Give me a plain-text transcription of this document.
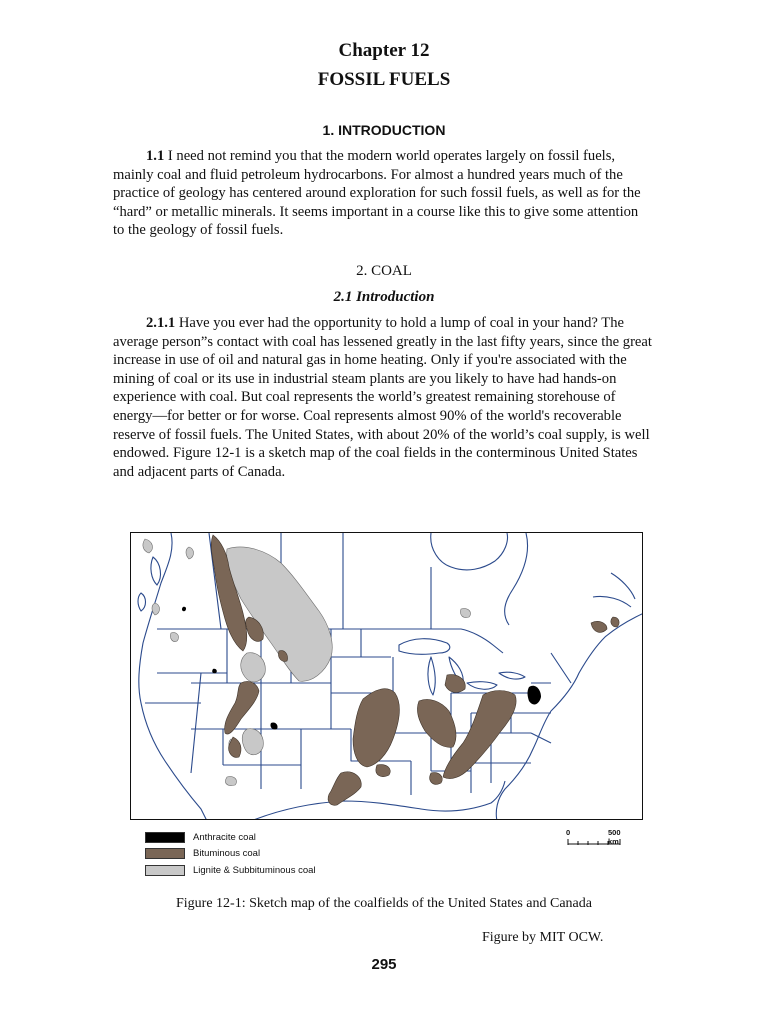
Chapter 12
FOSSIL FUELS
1. INTRODUCTION

1.1 I need not remind you that the modern world operates largely on fossil fuels, mainly coal and fluid petroleum hydrocarbons. For almost a hundred years much of the practice of geology has centered around exploration for such fossil fuels, as well as for the “hard” or metallic minerals. It seems important in a course like this to give some attention to the geology of fossil fuels.

2. COAL
2.1 Introduction

2.1.1 Have you ever had the opportunity to hold a lump of coal in your hand? The average person”s contact with coal has lessened greatly in the last fifty years, since the great increase in use of oil and natural gas in home heating. Only if you're associated with the mining of coal or its use in industrial steam plants are you likely to have had hands-on experience with coal. But coal represents the world’s greatest remaining storehouse of energy—for better or for worse. Coal represents almost 90% of the world's recoverable reserve of fossil fuels. The United States, with about 20% of the world’s coal supply, is well endowed. Figure 12-1 is a sketch map of the coal fields in the conterminous United States and adjacent parts of Canada.

Anthracite coal
Bituminous coal
Lignite & Subbituminous coal
0	500 km
Figure 12-1: Sketch map of the coalfields of the United States and Canada
Figure by MIT OCW.
295
